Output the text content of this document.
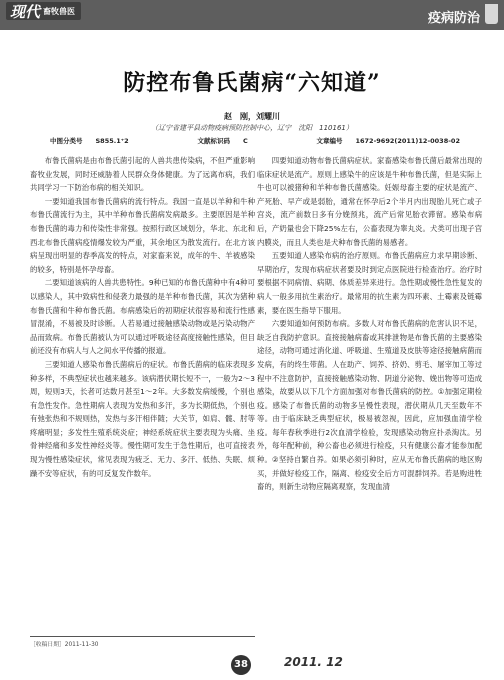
现代 畜牧兽医	疫病防治
防控布鲁氏菌病“六知道”
赵　刚，刘耀川
（辽宁省建平县动物疫病预防控制中心，辽宁　沈阳　110161）
中图分类号　　S855.1⁺2	文献标识码　　C	文章编号　　1672-9692(2011)12-0038-02

布鲁氏菌病是由布鲁氏菌引起的人兽共患传染病，不但严重影响畜牧业发展，同时还威胁着人民群众身体健康。为了远离布病，我们共同学习一下防治布病的相关知识。

一要知道我国布鲁氏菌病的流行特点。我国一直是以羊种和牛种布鲁氏菌流行为主，其中羊种布鲁氏菌病发病最多。主要原因是羊种布鲁氏菌的毒力和传染性非常强。按照行政区域划分，华北、东北和西北布鲁氏菌病疫情爆发较为严重，其余地区为散发流行。在北方该病呈现出明显的春季高发的特点，对家畜来说，成年的牛、羊被感染的较多，特别是怀孕母畜。

二要知道该病的人兽共患特性。9种已知的布鲁氏菌种中有4种可以感染人，其中致病性和侵袭力最强的是羊种布鲁氏菌，其次为猪种布鲁氏菌和牛种布鲁氏菌。布病感染后的初期症状很容易和流行性感冒混淆，不易被及时诊断。人若易通过接触感染动物或是污染动物产品而致病。布鲁氏菌被认为可以通过呼吸途径高度接触性感染，但目前还没有布病人与人之间水平传播的报道。

三要知道人感染布鲁氏菌病后的症状。布鲁氏菌病的临床表现多种多样，不典型症状也越来越多。该病潜伏期长短不一，一般为2～3周，短则3天，长者可达数月甚至1～2年。大多数发病缓慢，个别也有急性发作。急性期病人表现为发热和多汗，多为长期低热，个别也有弛张热和不规则热，发热与多汗相伴随；大关节，如肩、髋、肘等疼痛明显；多发性生殖系统炎症；神经系统症状主要表现为头痛、坐骨神经痛和多发性神经炎等。慢性期可发生于急性期后，也可直接表现为慢性感染症状，常见表现为疲乏、无力、多汗、低热、失眠、烦躁不安等症状，有的可反复发作数年。

四要知道动物布鲁氏菌病症状。家畜感染布鲁氏菌后最常出现的临床症状是流产。原则上感染牛的应该是牛种布鲁氏菌，但是实际上牛也可以被猪种和羊种布鲁氏菌感染。妊娠母畜主要的症状是流产、产死胎、早产或是弱胎，通常在怀孕后2个半月内出现胎儿死亡或子宫炎，流产前数日多有分娩预兆，流产后常见胎衣滞留。感染布病后，产奶量也会下降25%左右，公畜表现为睾丸炎。犬类可出现子宫内膜炎，而且人类也是犬种布鲁氏菌的易感者。

五要知道人感染布病的治疗原则。布鲁氏菌病应力求早期诊断、早期治疗，发现布病症状者要及时到定点医院进行检查治疗。治疗时要根据不同病情、病期、体质差异来进行。急性期或慢性急性复发的病人一般多用抗生素治疗。最常用的抗生素为四环素、土霉素及链霉素，要在医生指导下服用。

六要知道如何预防布病。多数人对布鲁氏菌病的危害认识不足，缺乏自我防护意识。直接接触病畜或其排泄物是布鲁氏菌的主要感染途径，动物可通过消化道、呼吸道、生殖道及皮肤等途径接触病菌而发病，有的终生带菌。人在助产、饲养、挤奶、剪毛、屠宰加工等过程中不注意防护，直接接触感染动物、阴道分泌物、娩出物等可造成感染，故要从以下几个方面加强对布鲁氏菌病的防控。①加强定期检疫。感染了布鲁氏菌的动物多呈慢性表现，潜伏期从几天至数年不等。由于临床缺乏典型症状，极易被忽视，因此，应加强血清学检疫。每年春秋季进行2次血清学检验，发现感染动物应扑杀淘汰。另外，每年配种前，种公畜也必须进行检疫，只有健康公畜才能参加配种。②坚持自繁自养。如果必须引种时，应从无布鲁氏菌病的地区购买，并做好检疫工作，隔离、检疫安全后方可混群饲养。若是购进牲畜的，则新生动物应隔离观察，发现血清

［收稿日期］2011-11-30
38	2011. 12
